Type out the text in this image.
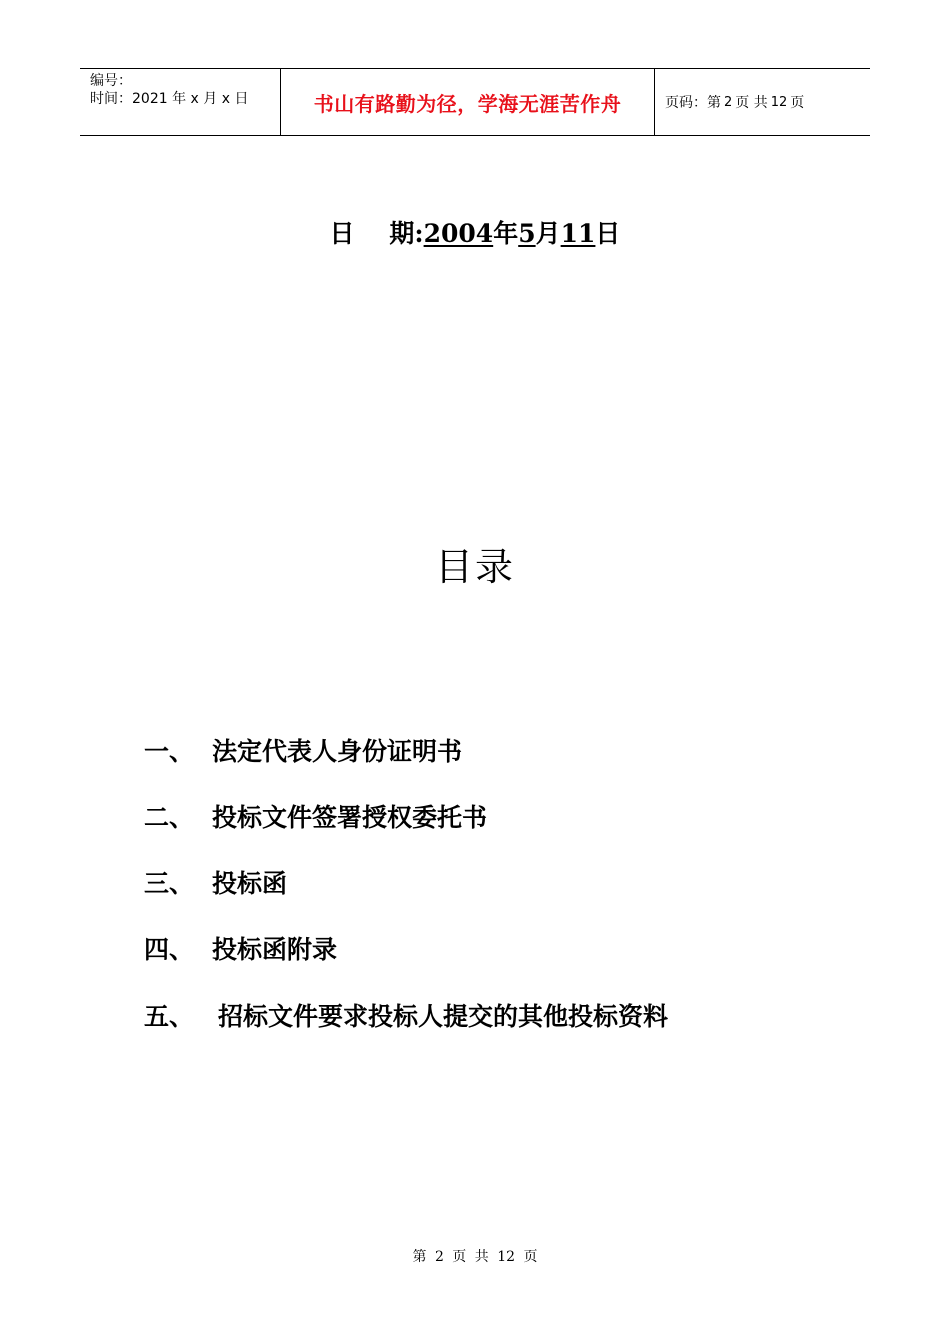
编号：
时间：2021 年 x 月 x 日	书山有路勤为径，学海无涯苦作舟	页码：第 2 页 共 12 页
日    期:2004年5月11日
目录
一、 法定代表人身份证明书
二、 投标文件签署授权委托书
三、 投标函
四、 投标函附录
五、 招标文件要求投标人提交的其他投标资料
第 2 页 共 12 页
